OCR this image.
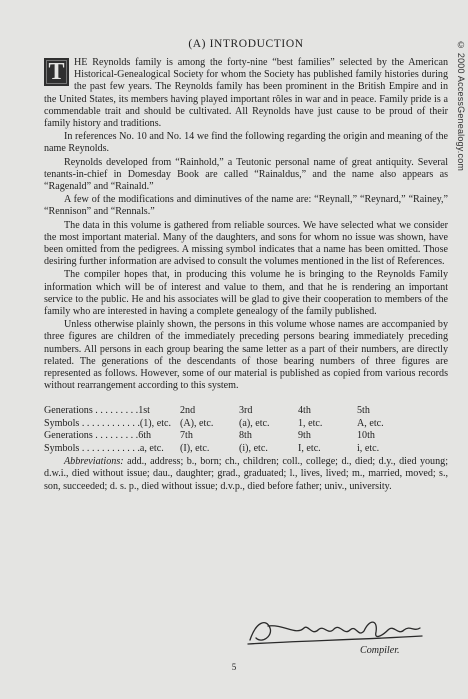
© 2000 AccessGenealogy.com
(A) INTRODUCTION

T HE Reynolds family is among the forty-nine “best families” selected by the American Historical-Genealogical Society for whom the Society has published family histories during the past few years. The Reynolds family has been prominent in the British Empire and in the United States, its members having played important rôles in war and in peace. Family pride is a commendable trait and should be cultivated. All Reynolds have just cause to be proud of their family history and traditions.

In references No. 10 and No. 14 we find the following regarding the origin and meaning of the name Reynolds.

Reynolds developed from “Rainhold,” a Teutonic personal name of great antiquity. Several tenants-in-chief in Domesday Book are called “Rainaldus,” and the name also appears as “Ragenald” and “Rainald.”

A few of the modifications and diminutives of the name are: “Reynall,” “Reynard,” “Rainey,” “Rennison” and “Rennals.”

The data in this volume is gathered from reliable sources. We have selected what we consider the most important material. Many of the daughters, and sons for whom no issue was shown, have been omitted from the pedigrees. A missing symbol indicates that a name has been omitted. Those desiring further information are advised to consult the volumes mentioned in the list of References.

The compiler hopes that, in producing this volume he is bringing to the Reynolds Family information which will be of interest and value to them, and that he is rendering an important service to the public. He and his associates will be glad to give their cooperation to members of the family who are interested in having a complete genealogy of the family published.

Unless otherwise plainly shown, the persons in this volume whose names are accompanied by three figures are children of the immediately preceding persons bearing immediately preceding numbers. All persons in each group bearing the same letter as a part of their numbers, are directly related. The generations of the descendants of those bearing numbers of three figures are represented as follows. However, some of our material is published as copied from various records without rearrangement according to this system.

Generations . . . . . . . . .1st	2nd	3rd	4th	5th
Symbols . . . . . . . . . . . .(1), etc.	(A), etc.	(a), etc.	1, etc.	A, etc.
Generations . . . . . . . . .6th	7th	8th	9th	10th
Symbols . . . . . . . . . . . .a, etc.	(I), etc.	(i), etc.	I, etc.	i, etc.

Abbreviations: add., address; b., born; ch., children; coll., college; d., died; d.y., died young; d.w.i., died without issue; dau., daughter; grad., graduated; l., lives, lived; m., married, moved; s., son, succeeded; d. s. p., died without issue; d.v.p., died before father; univ., university.

Compiler.
5
